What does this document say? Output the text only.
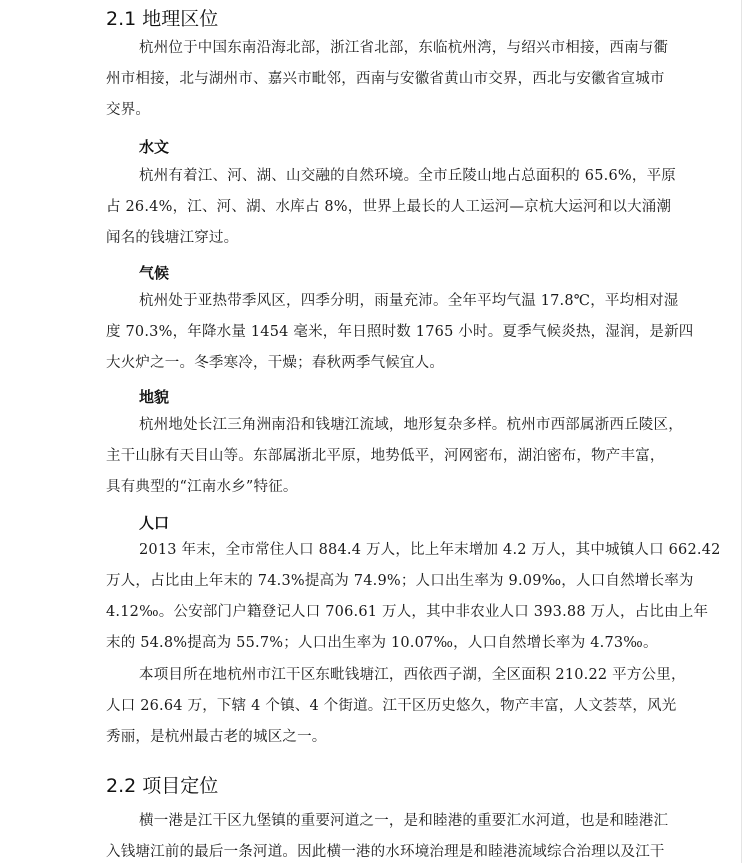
2.1 地理区位

杭州位于中国东南沿海北部，浙江省北部，东临杭州湾，与绍兴市相接，西南与衢

州市相接，北与湖州市、嘉兴市毗邻，西南与安徽省黄山市交界，西北与安徽省宣城市

交界。

水文

杭州有着江、河、湖、山交融的自然环境。全市丘陵山地占总面积的 65.6%，平原

占 26.4%，江、河、湖、水库占 8%，世界上最长的人工运河—京杭大运河和以大涌潮

闻名的钱塘江穿过。

气候

杭州处于亚热带季风区，四季分明，雨量充沛。全年平均气温 17.8℃，平均相对湿

度 70.3%，年降水量 1454 毫米，年日照时数 1765 小时。夏季气候炎热，湿润，是新四

大火炉之一。冬季寒冷，干燥；春秋两季气候宜人。

地貌

杭州地处长江三角洲南沿和钱塘江流域，地形复杂多样。杭州市西部属浙西丘陵区，

主干山脉有天目山等。东部属浙北平原，地势低平，河网密布，湖泊密布，物产丰富，

具有典型的“江南水乡”特征。

人口

2013 年末，全市常住人口 884.4 万人，比上年末增加 4.2 万人，其中城镇人口 662.42

万人，占比由上年末的 74.3%提高为 74.9%；人口出生率为 9.09‰，人口自然增长率为

4.12‰。公安部门户籍登记人口 706.61 万人，其中非农业人口 393.88 万人，占比由上年

末的 54.8%提高为 55.7%；人口出生率为 10.07‰，人口自然增长率为 4.73‰。

本项目所在地杭州市江干区东毗钱塘江，西依西子湖，全区面积 210.22 平方公里，

人口 26.64 万，下辖 4 个镇、4 个街道。江干区历史悠久，物产丰富，人文荟萃，风光

秀丽，是杭州最古老的城区之一。

2.2 项目定位

横一港是江干区九堡镇的重要河道之一，是和睦港的重要汇水河道，也是和睦港汇

入钱塘江前的最后一条河道。因此横一港的水环境治理是和睦港流域综合治理以及江干
